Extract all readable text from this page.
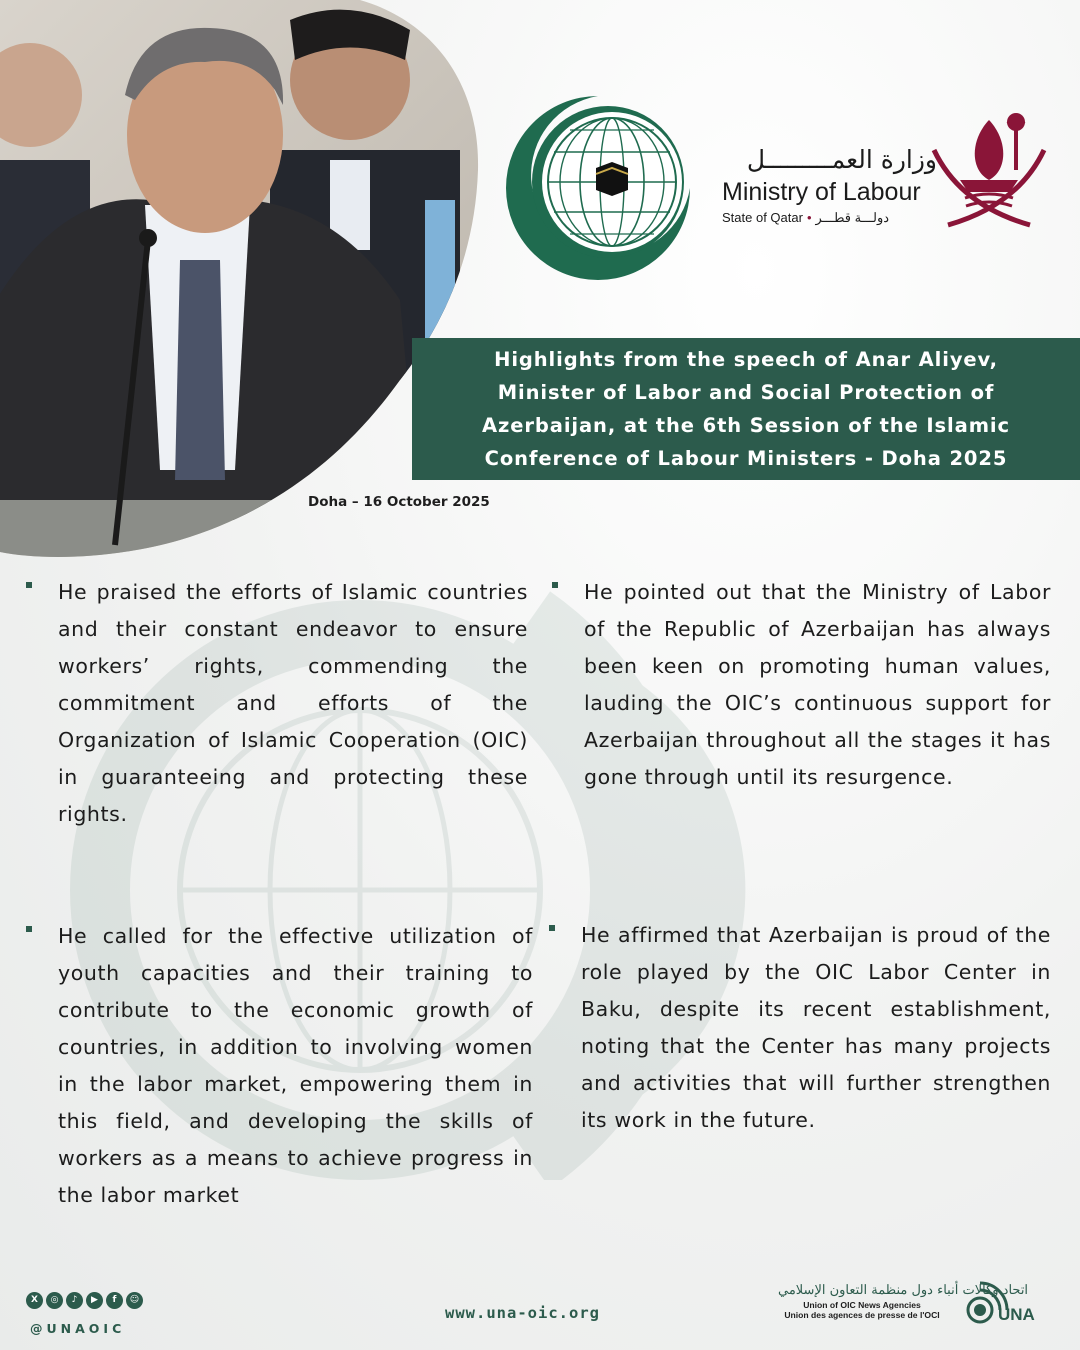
وزارة العمـــــــــل
Ministry of Labour
State of Qatar • دولـــة قطـــر

Highlights from the speech of Anar Aliyev, Minister of Labor and Social Protection of Azerbaijan, at the 6th Session of the Islamic Conference of Labour Ministers - Doha 2025

Doha – 16 October 2025

He praised the efforts of Islamic countries and their constant endeavor to ensure workers’ rights, commending the commitment and efforts of the Organization of Islamic Cooperation (OIC) in guaranteeing and protecting these rights.

He pointed out that the Ministry of Labor of the Republic of Azerbaijan has always been keen on promoting human values, lauding the OIC’s continuous support for Azerbaijan throughout all the stages it has gone through until its resurgence.

He called for the effective utilization of youth capacities and their training to contribute to the economic growth of countries, in addition to involving women in the labor market, empowering them in this field, and developing the skills of workers as a means to achieve progress in the labor market

He affirmed that Azerbaijan is proud of the role played by the OIC Labor Center in Baku, despite its recent establishment, noting that the Center has many projects and activities that will further strengthen its work in the future.

X	◎	♪	▶	f	☺
@UNAOIC
www.una-oic.org
اتحاد وكالات أنباء دول منظمة التعاون الإسلامي
Union of OIC News Agencies
Union des agences de presse de l'OCI	UNA
